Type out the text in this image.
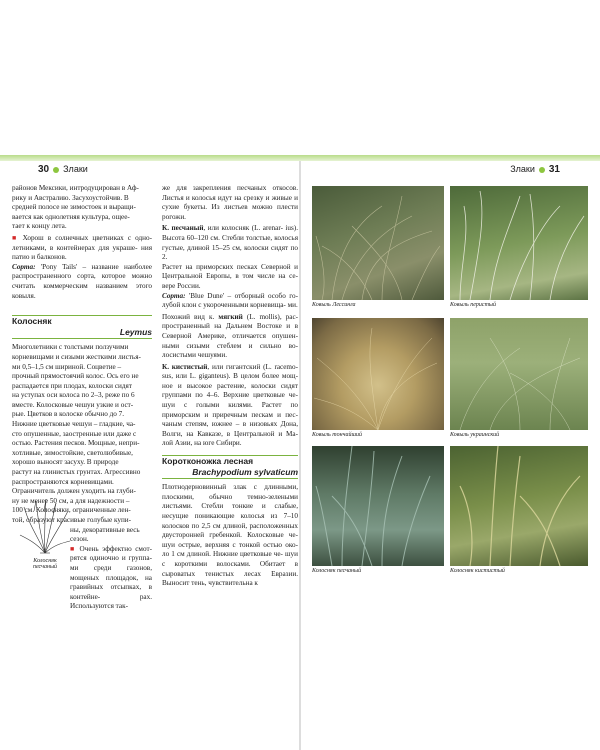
30 Злаки	Злаки 31

районов Мексики, интродуцирован в Аф-

рику и Австралию. Засухоустойчив. В

средней полосе не зимостоек и выращи-

вается как однолетняя культура, ощее-

тает к концу лета.

■ Хорош в солнечных цветниках с одно- летниками, в контейнерах для украше- ния патио и балконов.

Сорта: 'Pony Tails' – название наиболее распространенного сорта, которое можно считать коммерческим названием этого ковыля.

Колосняк
Leymus

Многолетники с толстыми ползучими

корневищами и сизыми жесткими листья-

ми 0,5–1,5 см шириной. Соцветие –

прочный прямостоячий колос. Ось его не

распадается при плодах, колоски сидят

на уступах оси колоса по 2–3, реже по 6

вместе. Колосковые чешуи узкие и ост-

рые. Цветков в колоске обычно до 7.

Нижние цветковые чешуи – гладкие, ча-

сто опушенные, заостренные или даже с

остью. Растения песков. Мощные, непри-

хотливые, зимостойкие, светолюбивые,

хорошо выносят засуху. В природе

растут на глинистых грунтах. Агрессивно

распространяются корневищами.

Ограничитель должен уходить на глуби-

ну не менее 50 см, а для надежности –

100 см. Колосняки, ограниченные лен-

той, образуют красивые голубые купи-

ны, декоративные весь

сезон.

■ Очень эффектно смот- рятся одиночно и группа- ми среди газонов, мощеных площадок, на гравийных отсыпках, в контейне- рах. Используются так-

Колосняк
песчаный

же для закрепления песчаных откосов. Листья и колосья идут на срезку и живые и сухие букеты. Из листьев можно плести рогожи.

К. песчаный, или колосняк (L. arenar- ius). Высота 60–120 см. Стебли толстые, колосья густые, длиной 15–25 см, колоски сидят по 2.

Растет на приморских песках Северной и Центральной Европы, в том числе на се- вере России.

Сорта: 'Blue Dune' – отборный особо го- лубой клон с укороченными корневища- ми.

Похожий вид к. мягкий (L. mollis), рас- пространенный на Дальнем Востоке и в Северной Америке, отличается опушен- ными сизыми стеблем и сильно во- лосистыми чешуями.

К. кистистый, или гигантский (L. racemo- sus, или L. giganteus). В целом более мощ- ное и высокое растение, колоски сидят группами по 4–6. Верхние цветковые че- шуи с голыми килями. Растет по приморским и приречным пескам и пес- чаным степям, южнее – в низовьях Дона, Волги, на Кавказе, в Центральной и Ма- лой Азии, на юге Сибири.

Коротконожка лесная
Brachypodium sylvaticum

Плотнодерновинный злак с длинными, плоскими, обычно темно-зелеными листьями. Стебли тонкие и слабые, несущие поникающие колосья из 7–10 колосков по 2,5 см длиной, расположенных двусторонней гребенкой. Колосковые че- шуи острые, верхняя с тонкой остью око- ло 1 см длиной. Нижние цветковые че- шуи с короткими волосками. Обитает в сыроватых тенистых лесах Евразии. Выносит тень, чувствительна к

Ковыль Лессинга	Ковыль перистый
Ковыль тончайший	Ковыль украинский
Колосняк песчаный	Колосняк кистистый
